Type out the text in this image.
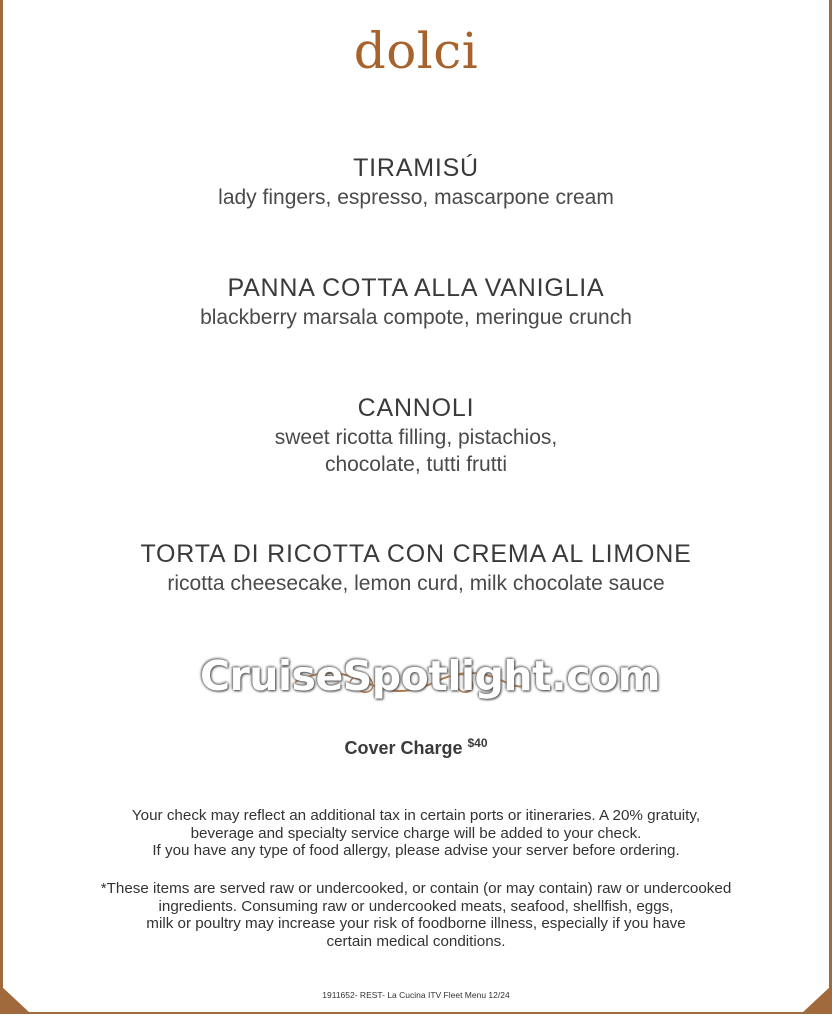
dolci
TIRAMISÚ
lady fingers, espresso, mascarpone cream
PANNA COTTA ALLA VANIGLIA
blackberry marsala compote, meringue crunch
CANNOLI
sweet ricotta filling, pistachios,
chocolate, tutti frutti
TORTA DI RICOTTA CON CREMA AL LIMONE
ricotta cheesecake, lemon curd, milk chocolate sauce
CruiseSpotlight.com
Cover Charge $^{\$40}$
Your check may reflect an additional tax in certain ports or itineraries. A 20% gratuity,
beverage and specialty service charge will be added to your check.
If you have any type of food allergy, please advise your server before ordering.
*These items are served raw or undercooked, or contain (or may contain) raw or undercooked
ingredients. Consuming raw or undercooked meats, seafood, shellfish, eggs,
milk or poultry may increase your risk of foodborne illness, especially if you have
certain medical conditions.
1911652- REST- La Cucina ITV Fleet Menu 12/24
